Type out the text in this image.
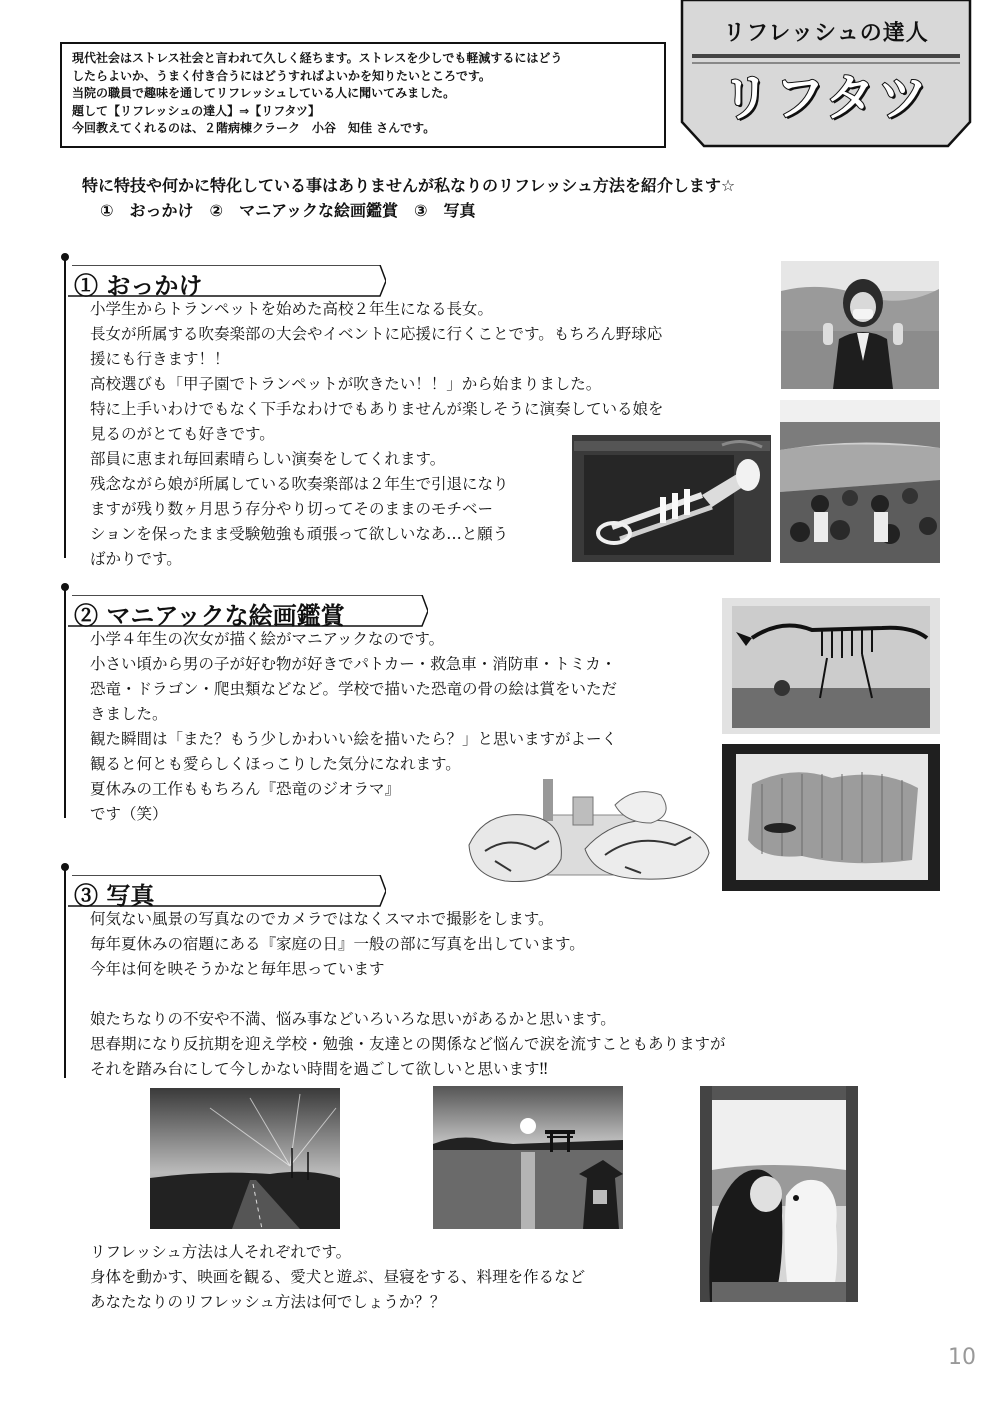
現代社会はストレス社会と言われて久しく経ちます。ストレスを少しでも軽減するにはどう

したらよいか、うまく付き合うにはどうすればよいかを知りたいところです。

当院の職員で趣味を通してリフレッシュしている人に聞いてみました。

題して【リフレッシュの達人】⇒【リフタツ】

今回教えてくれるのは、２階病棟クラーク　小谷　知佳 さんです。

リフレッシュの達人
リフタツ
特に特技や何かに特化している事はありませんが私なりのリフレッシュ方法を紹介します☆
①　おっかけ　②　マニアックな絵画鑑賞　③　写真
① おっかけ
小学生からトランペットを始めた高校２年生になる長女。
長女が所属する吹奏楽部の大会やイベントに応援に行くことです。もちろん野球応
援にも行きます！！
高校選びも「甲子園でトランペットが吹きたい！！」から始まりました。
特に上手いわけでもなく下手なわけでもありませんが楽しそうに演奏している娘を
見るのがとても好きです。
部員に恵まれ毎回素晴らしい演奏をしてくれます。
残念ながら娘が所属している吹奏楽部は２年生で引退になり
ますが残り数ヶ月思う存分やり切ってそのままのモチベー
ションを保ったまま受験勉強も頑張って欲しいなあ…と願う
ばかりです。
② マニアックな絵画鑑賞
小学４年生の次女が描く絵がマニアックなのです。
小さい頃から男の子が好む物が好きでパトカー・救急車・消防車・トミカ・
恐竜・ドラゴン・爬虫類などなど。学校で描いた恐竜の骨の絵は賞をいただ
きました。
観た瞬間は「また？もう少しかわいい絵を描いたら？」と思いますがよーく
観ると何とも愛らしくほっこりした気分になれます。
夏休みの工作ももちろん『恐竜のジオラマ』
です（笑）
③ 写真
何気ない風景の写真なのでカメラではなくスマホで撮影をします。
毎年夏休みの宿題にある『家庭の日』一般の部に写真を出しています。
今年は何を映そうかなと毎年思っています
娘たちなりの不安や不満、悩み事などいろいろな思いがあるかと思います。
思春期になり反抗期を迎え学校・勉強・友達との関係など悩んで涙を流すこともありますが
それを踏み台にして今しかない時間を過ごして欲しいと思います‼
リフレッシュ方法は人それぞれです。
身体を動かす、映画を観る、愛犬と遊ぶ、昼寝をする、料理を作るなど
あなたなりのリフレッシュ方法は何でしょうか？？
10
